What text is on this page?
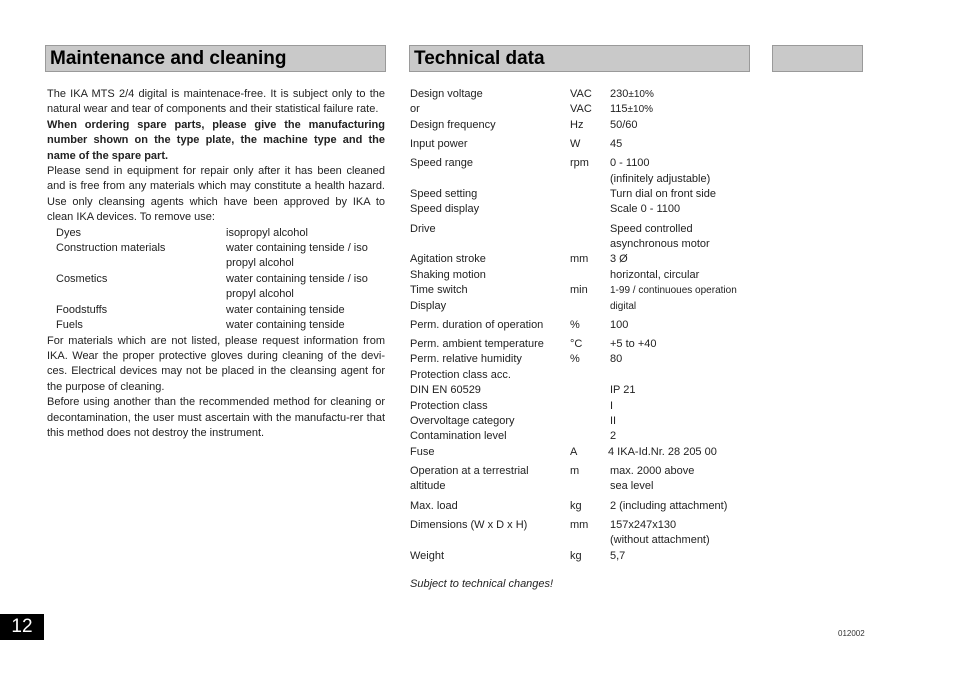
Maintenance and cleaning	Technical data

The IKA MTS 2/4 digital is maintenace-free. It is subject only to the natural wear and tear of components and their statistical failure rate.

When ordering spare parts, please give the manufacturing number shown on the type plate, the machine type and the name of the spare part.

Please send in equipment for repair only after it has been cleaned and is free from any materials which may constitute a health hazard. Use only cleansing agents which have been approved by IKA to clean IKA devices. To remove use:

Dyes	isopropyl alcohol
Construction materials	water containing tenside / iso propyl alcohol
Cosmetics	water containing tenside / iso propyl alcohol
Foodstuffs	water containing tenside
Fuels	water containing tenside

For materials which are not listed, please request information from IKA. Wear the proper protective gloves during cleaning of the devi-ces. Electrical devices may not be placed in the cleansing agent for the purpose of cleaning.

Before using another than the recommended method for cleaning or decontamination, the user must ascertain with the manufactu-rer that this method does not destroy the instrument.

Design voltage	VAC	230±10%
or	VAC	115±10%
Design frequency	Hz	50/60
Input power	W	45
Speed range	rpm	0 - 1100
(infinitely adjustable)
Speed setting	Turn dial on front side
Speed display	Scale 0 - 1100
Drive	Speed controlled
asynchronous motor
Agitation stroke	mm	3 Ø
Shaking motion	horizontal, circular
Time switch	min	1-99 / continuoues operation
Display	digital
Perm. duration of operation	%	100
Perm. ambient temperature	°C	+5 to +40
Perm. relative humidity	%	80
Protection class acc.
DIN EN 60529	IP 21
Protection class	I
Overvoltage category	II
Contamination level	2
Fuse	A	4 IKA-Id.Nr. 28 205 00
Operation at a terrestrial	m	max. 2000 above
altitude	sea level
Max. load	kg	2 (including attachment)
Dimensions (W x D x H)	mm	157x247x130
(without attachment)
Weight	kg	5,7
Subject to technical changes!
12	012002
